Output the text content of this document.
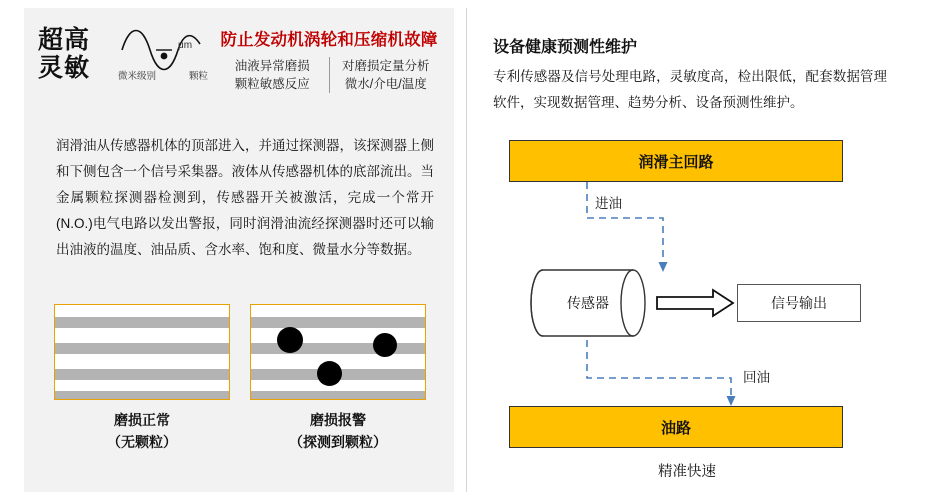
超高
灵敏
μm
微米级别	颗粒
防止发动机涡轮和压缩机故障
油液异常磨损
颗粒敏感反应
对磨损定量分析
微水/介电/温度
润滑油从传感器机体的顶部进入，并通过探测器，该探测器上侧和下侧包含一个信号采集器。液体从传感器机体的底部流出。当金属颗粒探测器检测到，传感器开关被激活，完成一个常开(N.O.)电气电路以发出警报，同时润滑油流经探测器时还可以输出油液的温度、油品质、含水率、饱和度、微量水分等数据。
磨损正常
（无颗粒）
磨损报警
（探测到颗粒）
设备健康预测性维护
专利传感器及信号处理电路，灵敏度高，检出限低，配套数据管理软件，实现数据管理、趋势分析、设备预测性维护。
润滑主回路
油路
信号输出
传感器
进油
回油
精准快速
